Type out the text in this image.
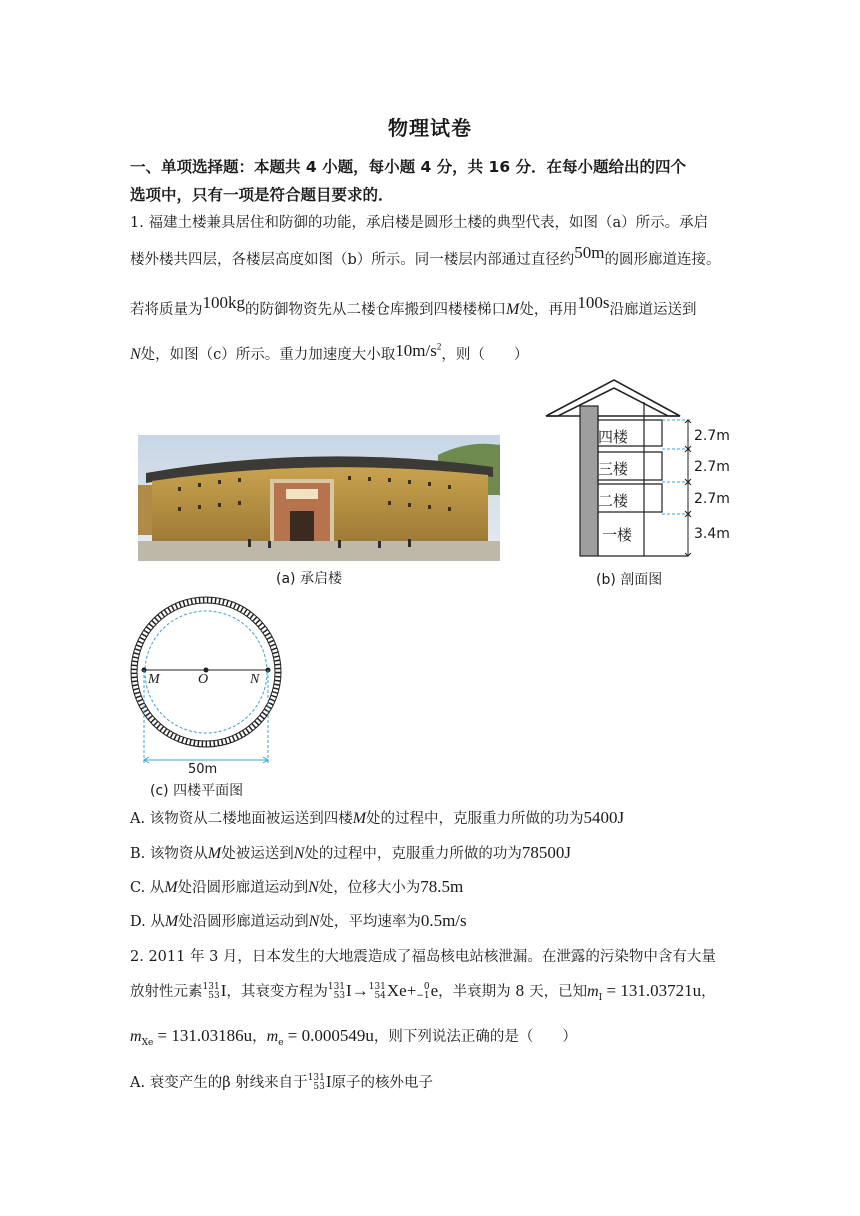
物理试卷
一、单项选择题：本题共 4 小题，每小题 4 分，共 16 分．在每小题给出的四个
选项中，只有一项是符合题目要求的．
1. 福建土楼兼具居住和防御的功能，承启楼是圆形土楼的典型代表，如图（a）所示。承启
楼外楼共四层，各楼层高度如图（b）所示。同一楼层内部通过直径约50m的圆形廊道连接。
若将质量为100kg的防御物资先从二楼仓库搬到四楼楼梯口M处，再用100s沿廊道运送到
N处，如图（c）所示。重力加速度大小取$10m/s^2$，则（　　）
(a) 承启楼
四楼
三楼
二楼
一楼
2.7m
2.7m
2.7m
3.4m
(b) 剖面图
M	O	N
50m
(c) 四楼平面图
A. 该物资从二楼地面被运送到四楼M处的过程中，克服重力所做的功为5400J
B. 该物资从M处被运送到N处的过程中，克服重力所做的功为78500J
C. 从M处沿圆形廊道运动到N处，位移大小为78.5m
D. 从M处沿圆形廊道运动到N处，平均速率为0.5m/s
2. 2011 年 3 月，日本发生的大地震造成了福岛核电站核泄漏。在泄露的污染物中含有大量
放射性元素131
53I，其衰变方程为131
53I→131
54Xe+ 0
−1e，半衰期为 8 天，已知$m_I = 131.03721u$，
$m_{Xe} = 131.03186u$，$m_e = 0.000549u$，则下列说法正确的是（　　）
A. 衰变产生的β 射线来自于131
53I原子的核外电子
